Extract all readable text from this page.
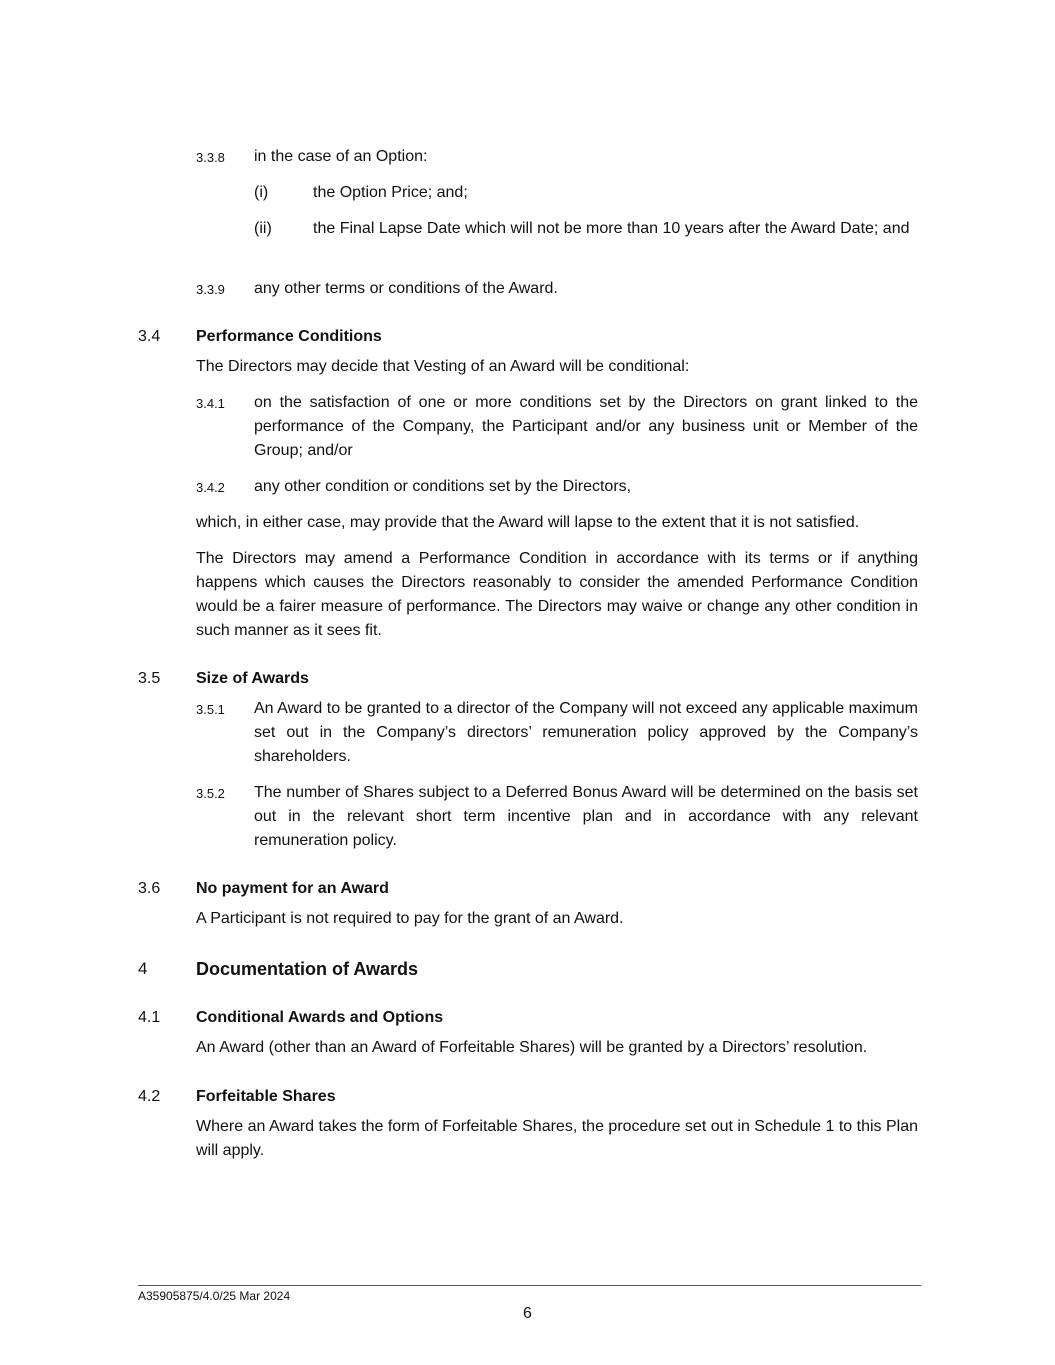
3.3.8 in the case of an Option:
(i)	the Option Price; and;
(ii)	the Final Lapse Date which will not be more than 10 years after the Award Date; and
3.3.9 any other terms or conditions of the Award.
3.4 Performance Conditions
The Directors may decide that Vesting of an Award will be conditional:
3.4.1 on the satisfaction of one or more conditions set by the Directors on grant linked to the performance of the Company, the Participant and/or any business unit or Member of the Group; and/or
3.4.2 any other condition or conditions set by the Directors,
which, in either case, may provide that the Award will lapse to the extent that it is not satisfied.
The Directors may amend a Performance Condition in accordance with its terms or if anything happens which causes the Directors reasonably to consider the amended Performance Condition would be a fairer measure of performance. The Directors may waive or change any other condition in such manner as it sees fit.
3.5 Size of Awards
3.5.1 An Award to be granted to a director of the Company will not exceed any applicable maximum set out in the Company’s directors’ remuneration policy approved by the Company’s shareholders.
3.5.2 The number of Shares subject to a Deferred Bonus Award will be determined on the basis set out in the relevant short term incentive plan and in accordance with any relevant remuneration policy.
3.6 No payment for an Award
A Participant is not required to pay for the grant of an Award.
4	Documentation of Awards
4.1 Conditional Awards and Options
An Award (other than an Award of Forfeitable Shares) will be granted by a Directors’ resolution.
4.2 Forfeitable Shares
Where an Award takes the form of Forfeitable Shares, the procedure set out in Schedule 1 to this Plan will apply.
A35905875/4.0/25 Mar 2024
6
